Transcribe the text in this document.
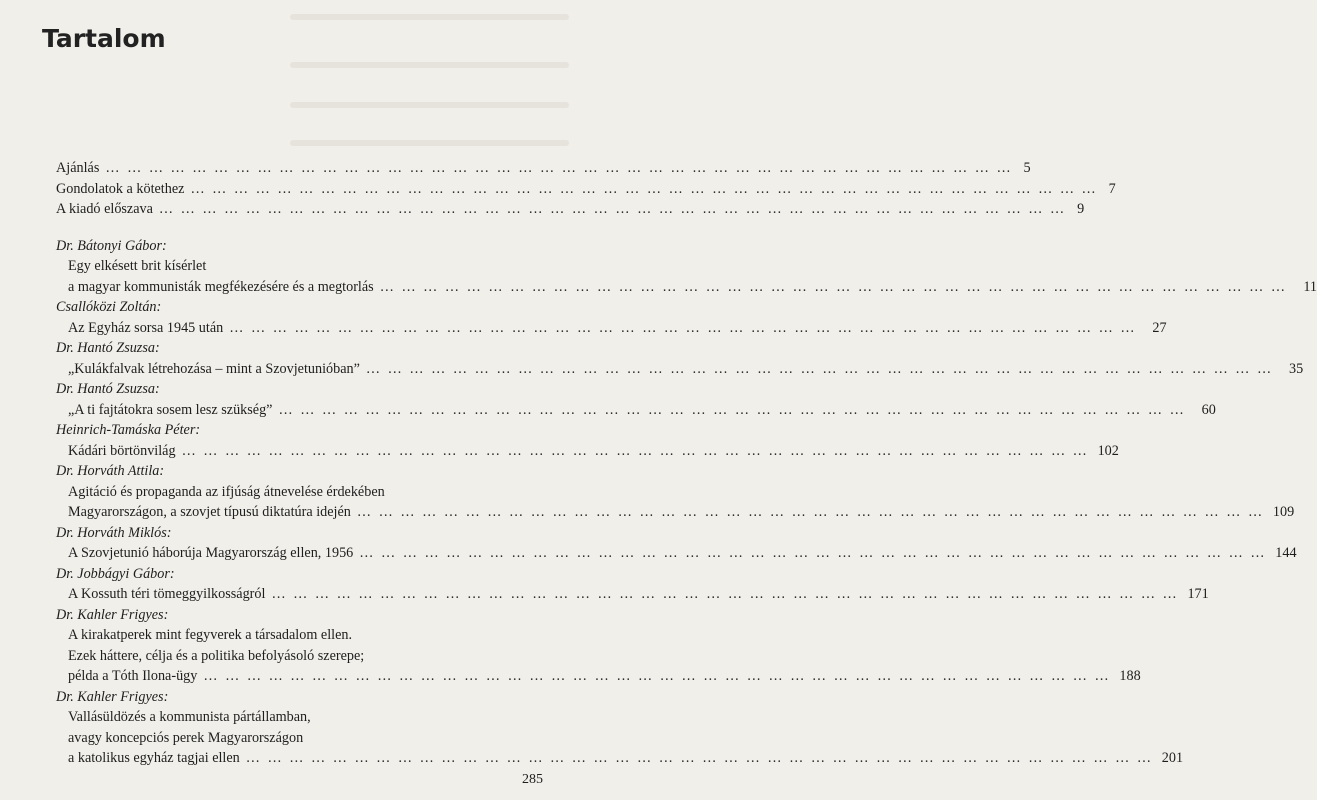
Tartalom
Ajánlás … … … … … … … … … … … … … … … … … … … … … … … … … … … … … … … … … … … … … … … … … … 5
Gondolatok a kötethez … … … … … … … … … … … … … … … … … … … … … … … … … … … … … … … … … … … … … … … … … … 7
A kiadó előszava … … … … … … … … … … … … … … … … … … … … … … … … … … … … … … … … … … … … … … … … … … 9
Dr. Bátonyi Gábor:
Egy elkésett brit kísérlet
a magyar kommunisták megfékezésére és a megtorlás … … … … … … … … … … … … … … … … … … … … … … … … … … … … … … … … … … … … … … … … … …	11
Csallóközi Zoltán:
Az Egyház sorsa 1945 után … … … … … … … … … … … … … … … … … … … … … … … … … … … … … … … … … … … … … … … … … …	27
Dr. Hantó Zsuzsa:
„Kulákfalvak létrehozása – mint a Szovjetunióban” … … … … … … … … … … … … … … … … … … … … … … … … … … … … … … … … … … … … … … … … … …	35
Dr. Hantó Zsuzsa:
„A ti fajtátokra sosem lesz szükség” … … … … … … … … … … … … … … … … … … … … … … … … … … … … … … … … … … … … … … … … … …	60
Heinrich-Tamáska Péter:
Kádári börtönvilág … … … … … … … … … … … … … … … … … … … … … … … … … … … … … … … … … … … … … … … … … … 102
Dr. Horváth Attila:
Agitáció és propaganda az ifjúság átnevelése érdekében
Magyarországon, a szovjet típusú diktatúra idején … … … … … … … … … … … … … … … … … … … … … … … … … … … … … … … … … … … … … … … … … … 109
Dr. Horváth Miklós:
A Szovjetunió háborúja Magyarország ellen, 1956 … … … … … … … … … … … … … … … … … … … … … … … … … … … … … … … … … … … … … … … … … … 144
Dr. Jobbágyi Gábor:
A Kossuth téri tömeggyilkosságról … … … … … … … … … … … … … … … … … … … … … … … … … … … … … … … … … … … … … … … … … … 171
Dr. Kahler Frigyes:
A kirakatperek mint fegyverek a társadalom ellen.
Ezek háttere, célja és a politika befolyásoló szerepe;
példa a Tóth Ilona-ügy … … … … … … … … … … … … … … … … … … … … … … … … … … … … … … … … … … … … … … … … … … 188
Dr. Kahler Frigyes:
Vallásüldözés a kommunista pártállamban,
avagy koncepciós perek Magyarországon
a katolikus egyház tagjai ellen … … … … … … … … … … … … … … … … … … … … … … … … … … … … … … … … … … … … … … … … … … 201
285
